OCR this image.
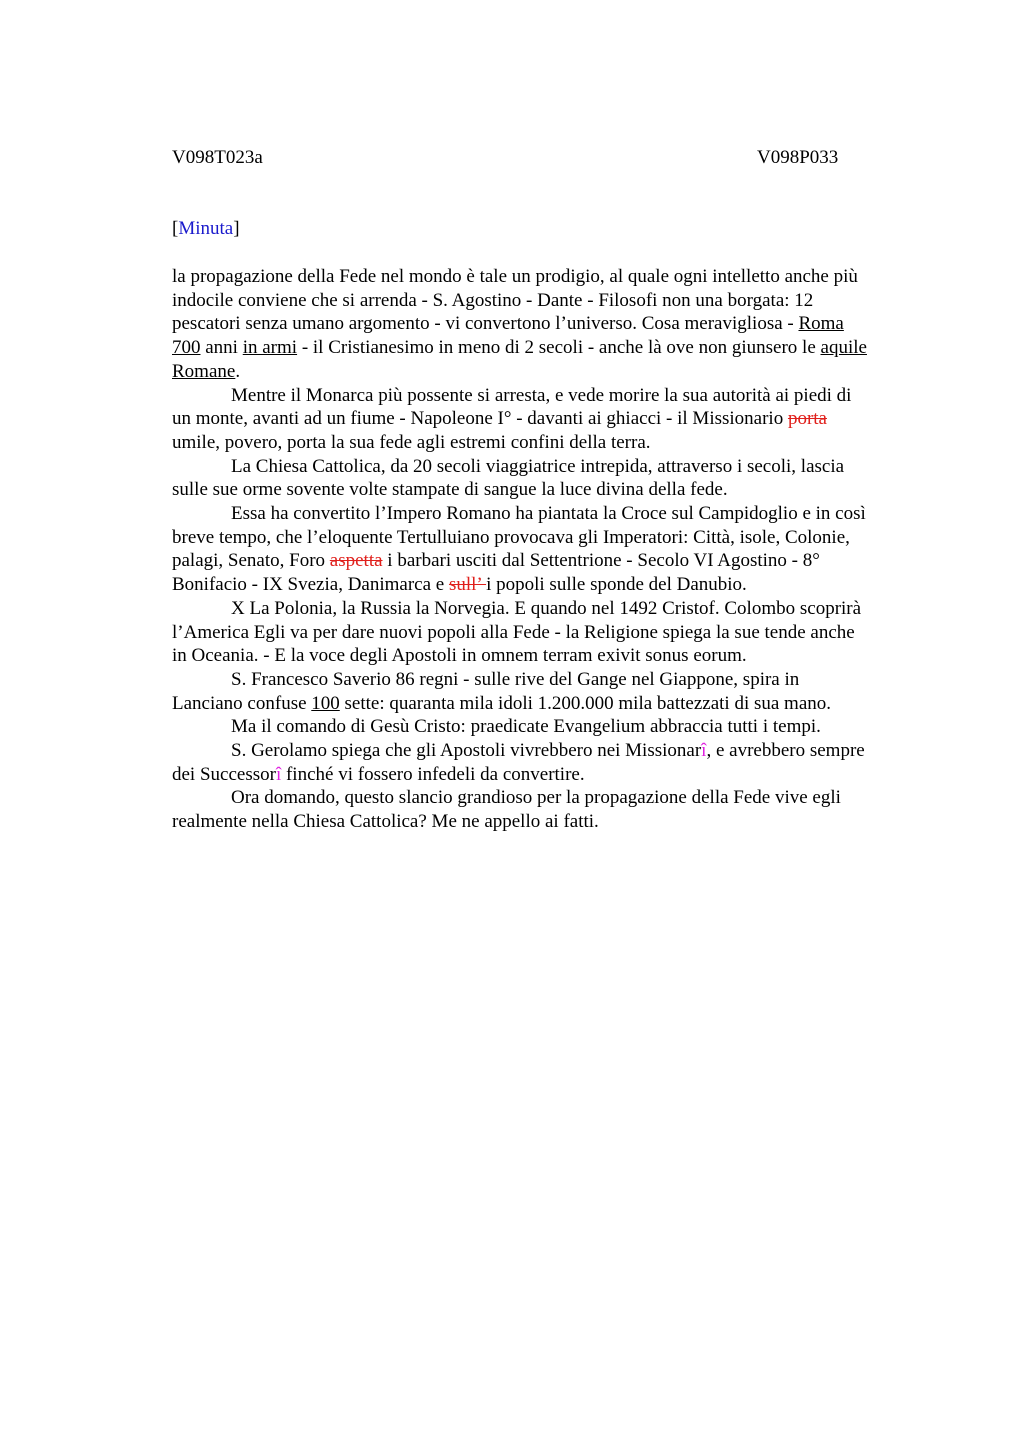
V098T023a	V098P033
[Minuta]
la propagazione della Fede nel mondo è tale un prodigio, al quale ogni intelletto anche più
indocile conviene che si arrenda - S. Agostino - Dante - Filosofi non una borgata: 12
pescatori senza umano argomento - vi convertono l’universo. Cosa meravigliosa - Roma
700 anni in armi - il Cristianesimo in meno di 2 secoli - anche là ove non giunsero le aquile
Romane.
Mentre il Monarca più possente si arresta, e vede morire la sua autorità ai piedi di
un monte, avanti ad un fiume - Napoleone I° - davanti ai ghiacci - il Missionario porta
umile, povero, porta la sua fede agli estremi confini della terra.
La Chiesa Cattolica, da 20 secoli viaggiatrice intrepida, attraverso i secoli, lascia
sulle sue orme sovente volte stampate di sangue la luce divina della fede.
Essa ha convertito l’Impero Romano ha piantata la Croce sul Campidoglio e in così
breve tempo, che l’eloquente Tertulluiano provocava gli Imperatori: Città, isole, Colonie,
palagi, Senato, Foro aspetta i barbari usciti dal Settentrione - Secolo VI Agostino - 8°
Bonifacio - IX Svezia, Danimarca e sull’ i popoli sulle sponde del Danubio.
X La Polonia, la Russia la Norvegia. E quando nel 1492 Cristof. Colombo scoprirà
l’America Egli va per dare nuovi popoli alla Fede - la Religione spiega la sue tende anche
in Oceania. - E la voce degli Apostoli in omnem terram exivit sonus eorum.
S. Francesco Saverio 86 regni - sulle rive del Gange nel Giappone, spira in
Lanciano confuse 100 sette: quaranta mila idoli 1.200.000 mila battezzati di sua mano.
Ma il comando di Gesù Cristo: praedicate Evangelium abbraccia tutti i tempi.
S. Gerolamo spiega che gli Apostoli vivrebbero nei Missionarî, e avrebbero sempre
dei Successorî finché vi fossero infedeli da convertire.
Ora domando, questo slancio grandioso per la propagazione della Fede vive egli
realmente nella Chiesa Cattolica? Me ne appello ai fatti.
